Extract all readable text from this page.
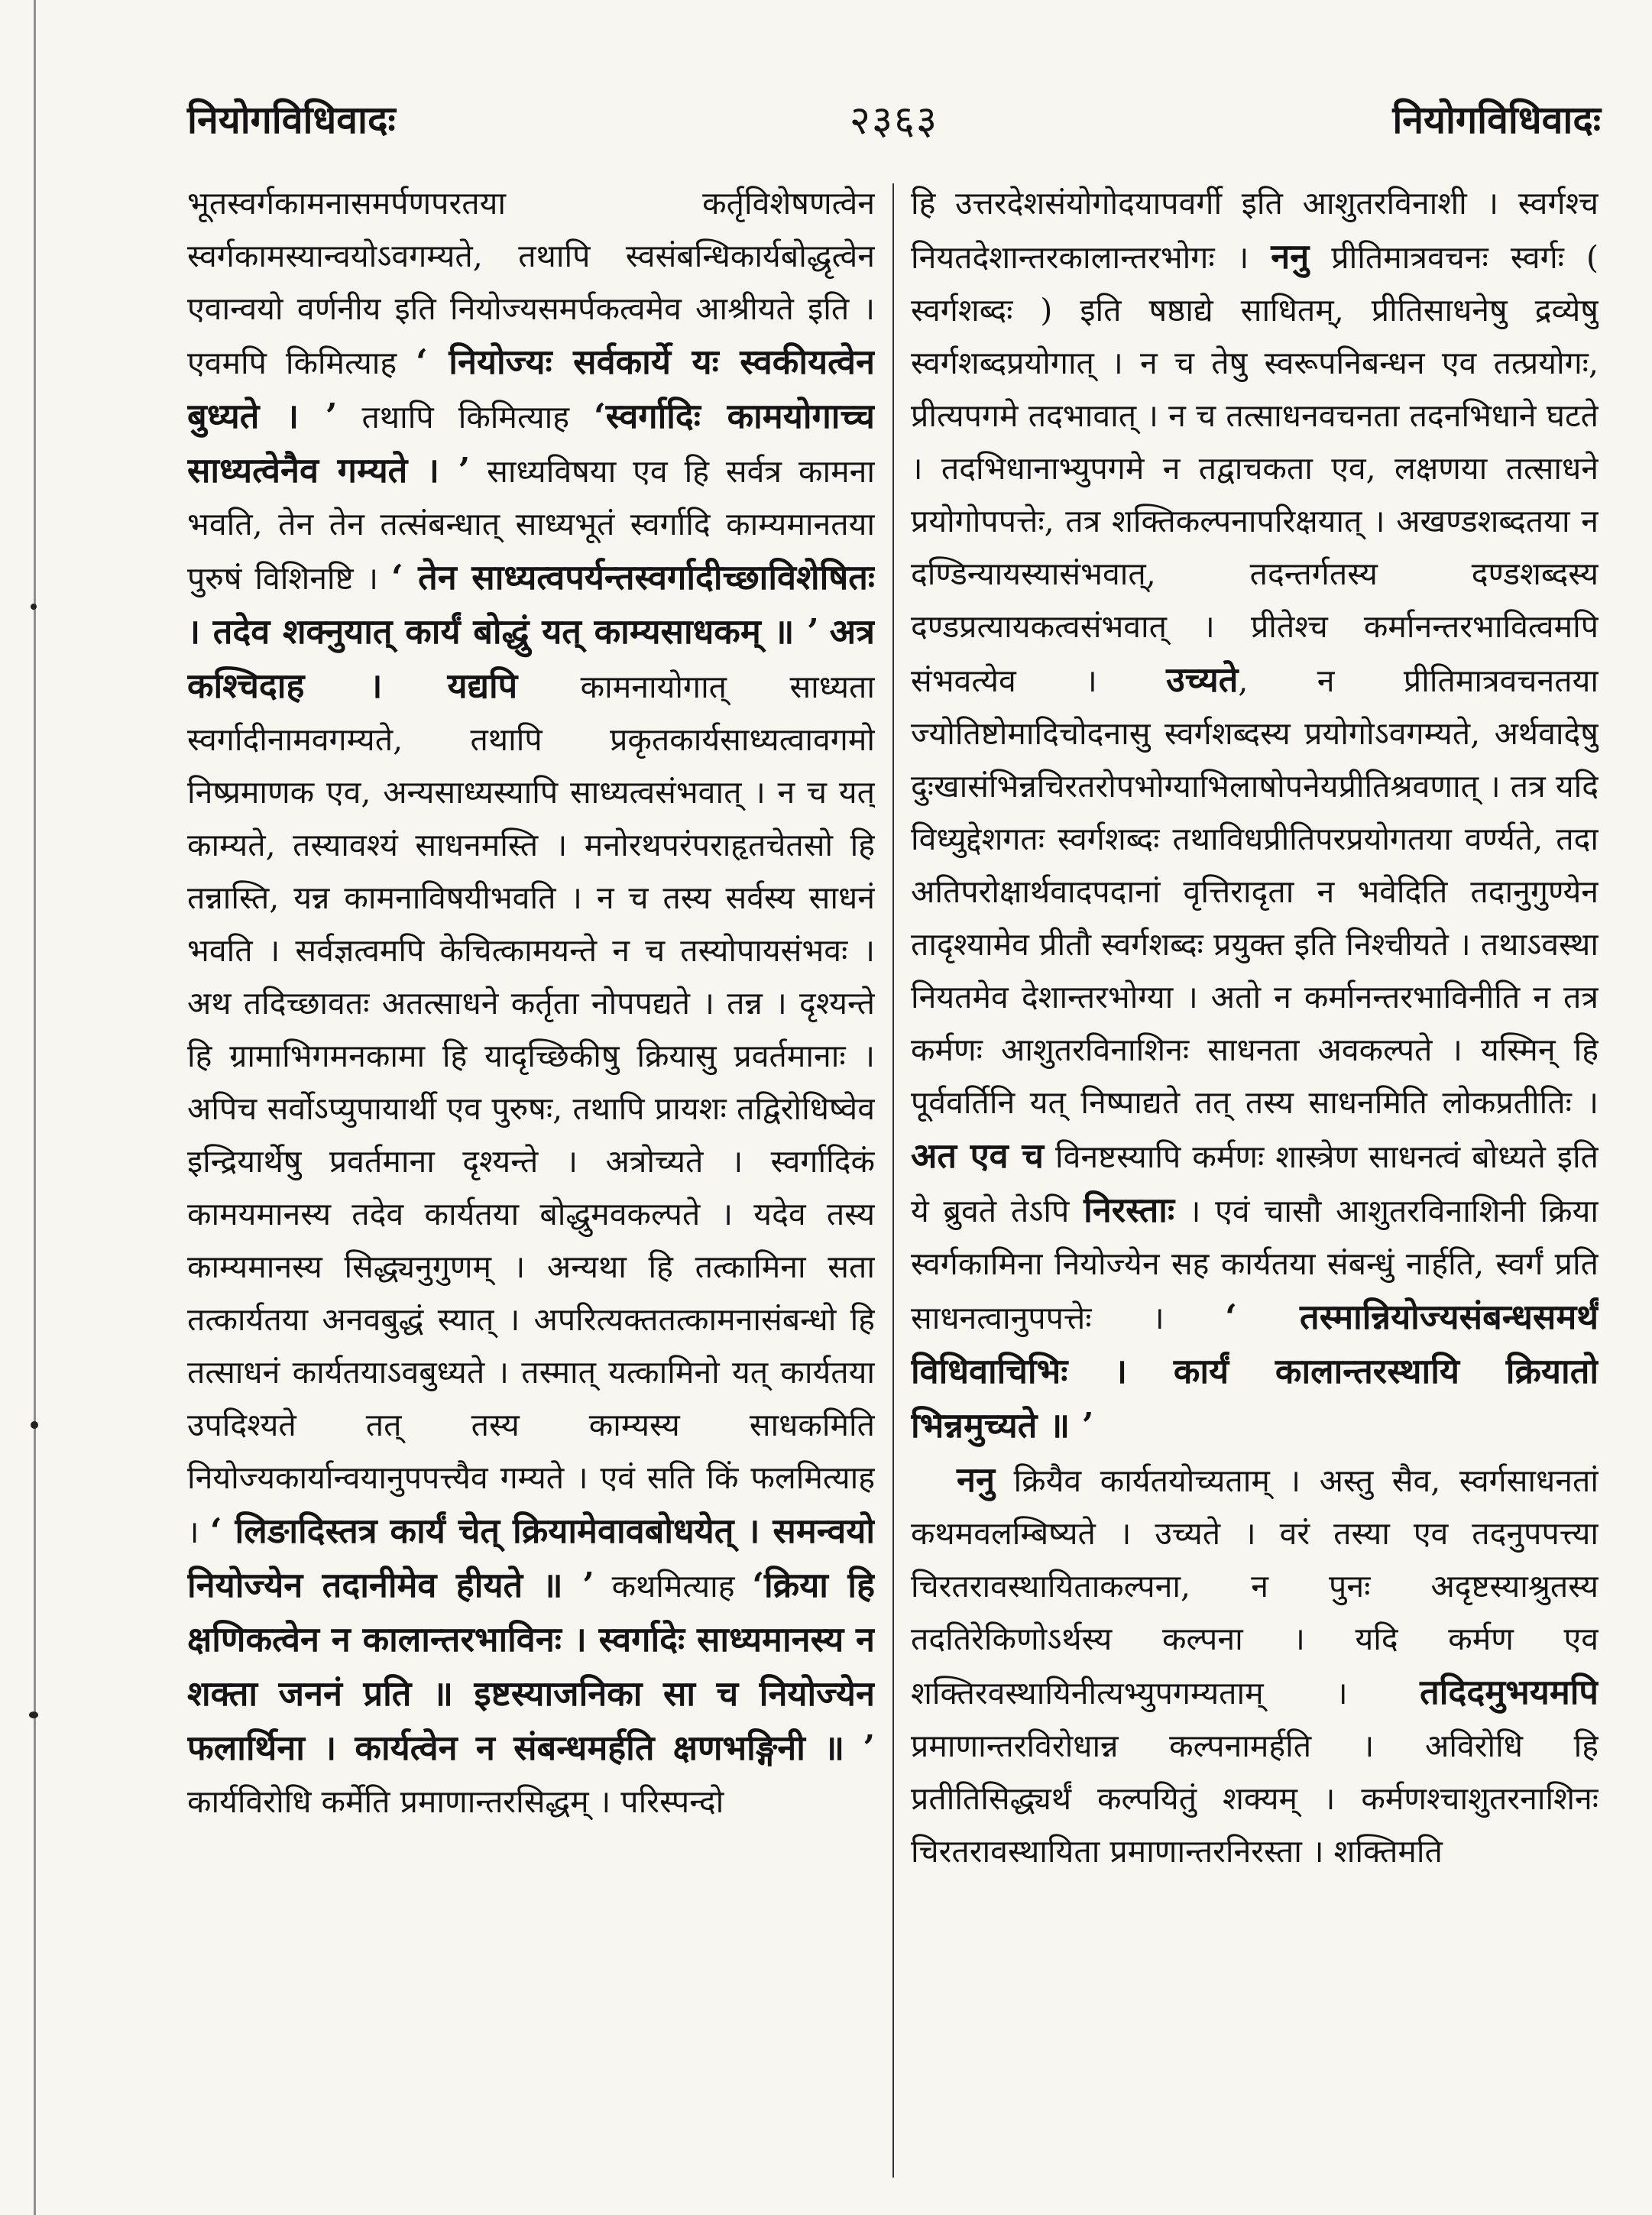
नियोगविधिवादः	२३६३	नियोगविधिवादः

भूतस्वर्गकामनासमर्पणपरतया कर्तृविशेषणत्वेन स्वर्गकामस्यान्वयोऽवगम्यते, तथापि स्वसंबन्धिकार्यबोद्धृत्वेन एवान्वयो वर्णनीय इति नियोज्यसमर्पकत्वमेव आश्रीयते इति । एवमपि किमित्याह ‘ नियोज्यः सर्वकार्ये यः स्वकीयत्वेन बुध्यते । ’ तथापि किमित्याह ‘स्वर्गादिः कामयोगाच्च साध्यत्वेनैव गम्यते । ’ साध्यविषया एव हि सर्वत्र कामना भवति, तेन तेन तत्संबन्धात् साध्यभूतं स्वर्गादि काम्यमानतया पुरुषं विशिनष्टि । ‘ तेन साध्यत्वपर्यन्तस्वर्गादीच्छाविशेषितः । तदेव शक्नुयात् कार्यं बोद्धुं यत् काम्यसाधकम् ॥ ’ अत्र कश्चिदाह । यद्यपि कामनायोगात् साध्यता स्वर्गादीनामवगम्यते, तथापि प्रकृतकार्यसाध्यत्वावगमो निष्प्रमाणक एव, अन्यसाध्यस्यापि साध्यत्वसंभवात् । न च यत् काम्यते, तस्यावश्यं साधनमस्ति । मनोरथपरंपराहृतचेतसो हि तन्नास्ति, यन्न कामनाविषयीभवति । न च तस्य सर्वस्य साधनं भवति । सर्वज्ञत्वमपि केचित्कामयन्ते न च तस्योपायसंभवः । अथ तदिच्छावतः अतत्साधने कर्तृता नोपपद्यते । तन्न । दृश्यन्ते हि ग्रामाभिगमनकामा हि यादृच्छिकीषु क्रियासु प्रवर्तमानाः । अपिच सर्वोऽप्युपायार्थी एव पुरुषः, तथापि प्रायशः तद्विरोधिष्वेव इन्द्रियार्थेषु प्रवर्तमाना दृश्यन्ते । अत्रोच्यते । स्वर्गादिकं कामयमानस्य तदेव कार्यतया बोद्धुमवकल्पते । यदेव तस्य काम्यमानस्य सिद्ध्यनुगुणम् । अन्यथा हि तत्कामिना सता तत्कार्यतया अनवबुद्धं स्यात् । अपरित्यक्ततत्कामनासंबन्धो हि तत्साधनं कार्यतयाऽवबुध्यते । तस्मात् यत्कामिनो यत् कार्यतया उपदिश्यते तत् तस्य काम्यस्य साधकमिति नियोज्यकार्यान्वयानुपपत्त्यैव गम्यते । एवं सति किं फलमित्याह । ‘ लिङादिस्तत्र कार्यं चेत् क्रियामेवावबोधयेत् । समन्वयो नियोज्येन तदानीमेव हीयते ॥ ’ कथमित्याह ‘क्रिया हि क्षणिकत्वेन न कालान्तरभाविनः । स्वर्गादेः साध्यमानस्य न शक्ता जननं प्रति ॥ इष्टस्याजनिका सा च नियोज्येन फलार्थिना । कार्यत्वेन न संबन्धमर्हति क्षणभङ्गिनी ॥ ’ कार्यविरोधि कर्मेति प्रमाणान्तरसिद्धम् । परिस्पन्दो

हि उत्तरदेशसंयोगोदयापवर्गी इति आशुतरविनाशी । स्वर्गश्च नियतदेशान्तरकालान्तरभोगः । ननु प्रीतिमात्रवचनः स्वर्गः ( स्वर्गशब्दः ) इति षष्ठाद्ये साधितम्, प्रीतिसाधनेषु द्रव्येषु स्वर्गशब्दप्रयोगात् । न च तेषु स्वरूपनिबन्धन एव तत्प्रयोगः, प्रीत्यपगमे तदभावात् । न च तत्साधनवचनता तदनभिधाने घटते । तदभिधानाभ्युपगमे न तद्वाचकता एव, लक्षणया तत्साधने प्रयोगोपपत्तेः, तत्र शक्तिकल्पनापरिक्षयात् । अखण्डशब्दतया न दण्डिन्यायस्यासंभवात्, तदन्तर्गतस्य दण्डशब्दस्य दण्डप्रत्यायकत्वसंभवात् । प्रीतेश्च कर्मानन्तरभावित्वमपि संभवत्येव । उच्यते, न प्रीतिमात्रवचनतया ज्योतिष्टोमादिचोदनासु स्वर्गशब्दस्य प्रयोगोऽवगम्यते, अर्थवादेषु दुःखासंभिन्नचिरतरोपभोग्याभिलाषोपनेयप्रीतिश्रवणात् । तत्र यदि विध्युद्देशगतः स्वर्गशब्दः तथाविधप्रीतिपरप्रयोगतया वर्ण्यते, तदा अतिपरोक्षार्थवादपदानां वृत्तिरादृता न भवेदिति तदानुगुण्येन तादृश्यामेव प्रीतौ स्वर्गशब्दः प्रयुक्त इति निश्चीयते । तथाऽवस्था नियतमेव देशान्तरभोग्या । अतो न कर्मानन्तरभाविनीति न तत्र कर्मणः आशुतरविनाशिनः साधनता अवकल्पते । यस्मिन् हि पूर्ववर्तिनि यत् निष्पाद्यते तत् तस्य साधनमिति लोकप्रतीतिः । अत एव च विनष्टस्यापि कर्मणः शास्त्रेण साधनत्वं बोध्यते इति ये ब्रुवते तेऽपि निरस्ताः । एवं चासौ आशुतरविनाशिनी क्रिया स्वर्गकामिना नियोज्येन सह कार्यतया संबन्धुं नार्हति, स्वर्गं प्रति साधनत्वानुपपत्तेः । ‘ तस्मान्नियोज्यसंबन्धसमर्थं विधिवाचिभिः । कार्यं कालान्तरस्थायि क्रियातो भिन्नमुच्यते ॥ ’

ननु क्रियैव कार्यतयोच्यताम् । अस्तु सैव, स्वर्गसाधनतां कथमवलम्बिष्यते । उच्यते । वरं तस्या एव तदनुपपत्त्या चिरतरावस्थायिताकल्पना, न पुनः अदृष्टस्याश्रुतस्य तदतिरेकिणोऽर्थस्य कल्पना । यदि कर्मण एव शक्तिरवस्थायिनीत्यभ्युपगम्यताम् । तदिदमुभयमपि प्रमाणान्तरविरोधान्न कल्पनामर्हति । अविरोधि हि प्रतीतिसिद्ध्यर्थं कल्पयितुं शक्यम् । कर्मणश्चाशुतरनाशिनः चिरतरावस्थायिता प्रमाणान्तरनिरस्ता । शक्तिमति
